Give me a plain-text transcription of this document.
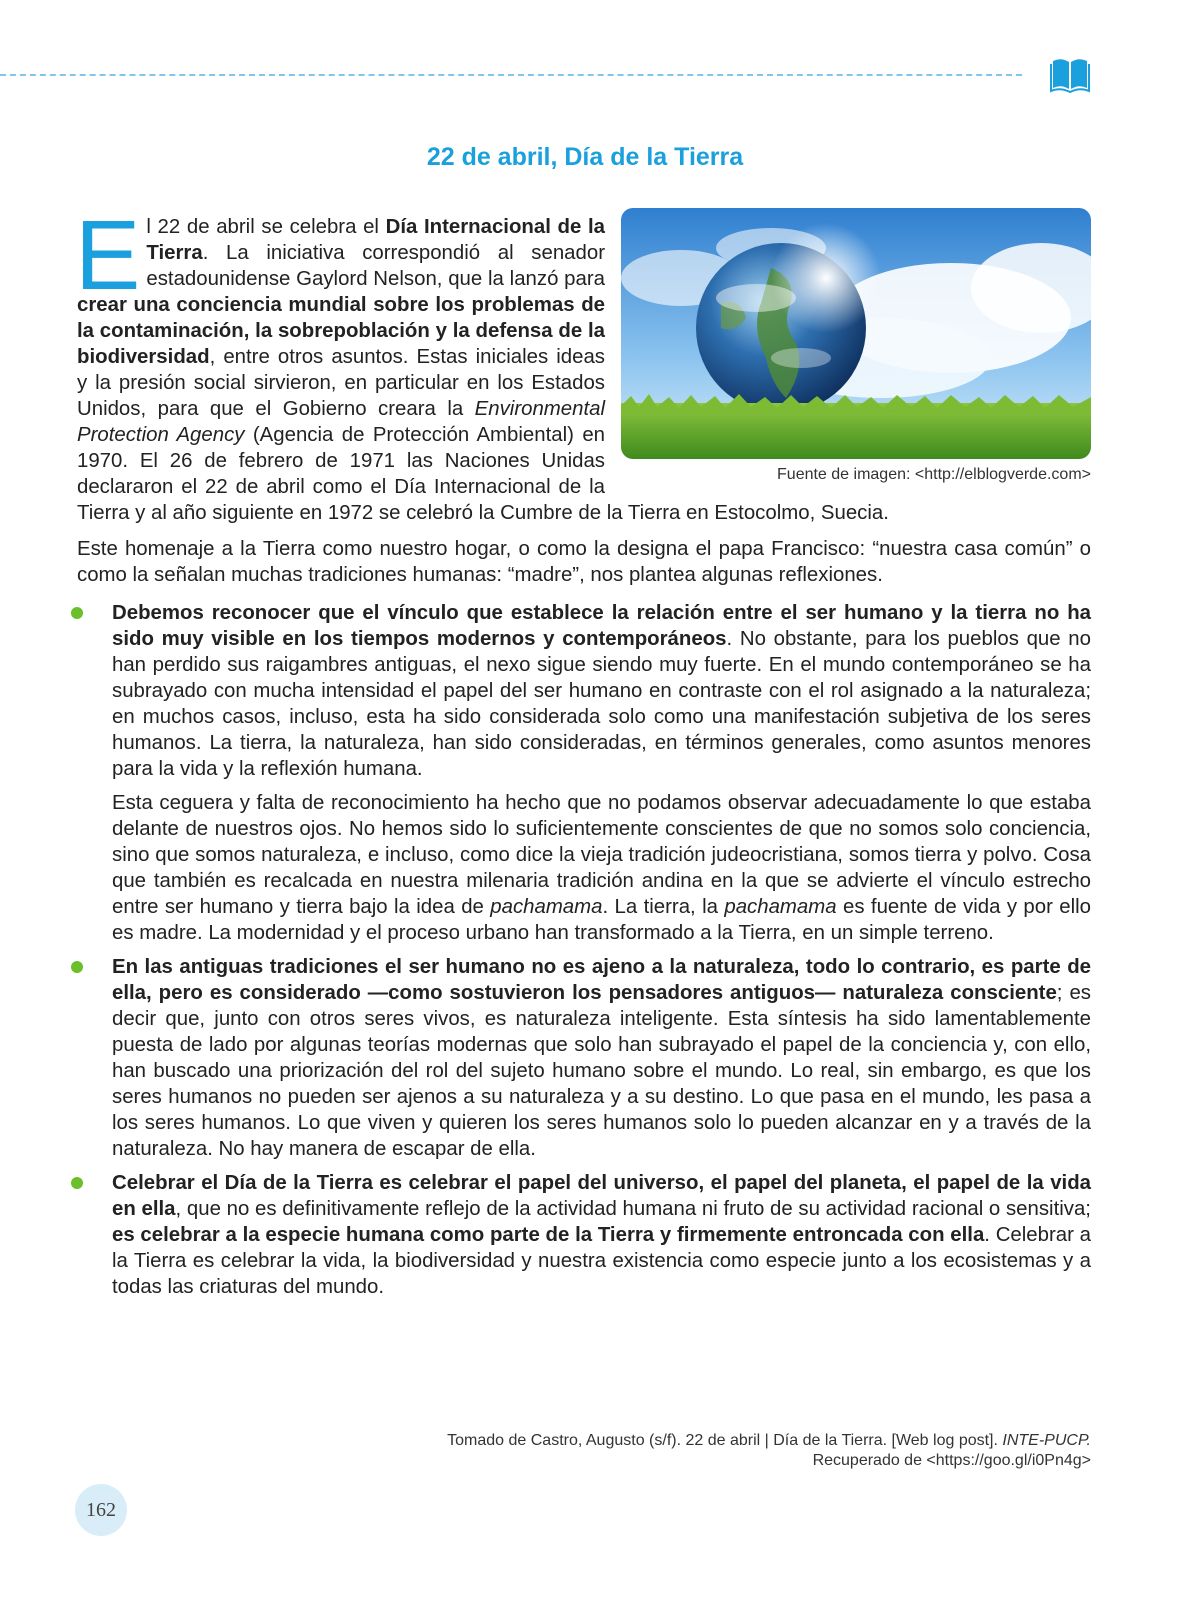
22 de abril, Día de la Tierra
Fuente de imagen: <http://elblogverde.com>

El 22 de abril se celebra el Día Internacional de la Tierra. La iniciativa correspondió al senador estadounidense Gaylord Nelson, que la lanzó para crear una conciencia mundial sobre los problemas de la contaminación, la sobrepoblación y la defensa de la biodiversidad, entre otros asuntos. Estas iniciales ideas y la presión social sirvieron, en particular en los Estados Unidos, para que el Gobierno creara la Environmental Protection Agency (Agencia de Protección Ambiental) en 1970. El 26 de febrero de 1971 las Naciones Unidas declararon el 22 de abril como el Día Internacional de la Tierra y al año siguiente en 1972 se celebró la Cumbre de la Tierra en Estocolmo, Suecia.

Este homenaje a la Tierra como nuestro hogar, o como la designa el papa Francisco: “nuestra casa común” o como la señalan muchas tradiciones humanas: “madre”, nos plantea algunas reflexiones.

Debemos reconocer que el vínculo que establece la relación entre el ser humano y la tierra no ha sido muy visible en los tiempos modernos y contemporáneos. No obstante, para los pueblos que no han perdido sus raigambres antiguas, el nexo sigue siendo muy fuerte. En el mundo contemporáneo se ha subrayado con mucha intensidad el papel del ser humano en contraste con el rol asignado a la naturaleza; en muchos casos, incluso, esta ha sido considerada solo como una manifestación subjetiva de los seres humanos. La tierra, la naturaleza, han sido consideradas, en términos generales, como asuntos menores para la vida y la reflexión humana.

Esta ceguera y falta de reconocimiento ha hecho que no podamos observar adecuadamente lo que estaba delante de nuestros ojos. No hemos sido lo suficientemente conscientes de que no somos solo conciencia, sino que somos naturaleza, e incluso, como dice la vieja tradición judeocristiana, somos tierra y polvo. Cosa que también es recalcada en nuestra milenaria tradición andina en la que se advierte el vínculo estrecho entre ser humano y tierra bajo la idea de pachamama. La tierra, la pachamama es fuente de vida y por ello es madre. La modernidad y el proceso urbano han transformado a la Tierra, en un simple terreno.

En las antiguas tradiciones el ser humano no es ajeno a la naturaleza, todo lo contrario, es parte de ella, pero es considerado —como sostuvieron los pensadores antiguos— naturaleza consciente; es decir que, junto con otros seres vivos, es naturaleza inteligente. Esta síntesis ha sido lamentablemente puesta de lado por algunas teorías modernas que solo han subrayado el papel de la conciencia y, con ello, han buscado una priorización del rol del sujeto humano sobre el mundo. Lo real, sin embargo, es que los seres humanos no pueden ser ajenos a su naturaleza y a su destino. Lo que pasa en el mundo, les pasa a los seres humanos. Lo que viven y quieren los seres humanos solo lo pueden alcanzar en y a través de la naturaleza. No hay manera de escapar de ella.

Celebrar el Día de la Tierra es celebrar el papel del universo, el papel del planeta, el papel de la vida en ella, que no es definitivamente reflejo de la actividad humana ni fruto de su actividad racional o sensitiva; es celebrar a la especie humana como parte de la Tierra y firmemente entroncada con ella. Celebrar a la Tierra es celebrar la vida, la biodiversidad y nuestra existencia como especie junto a los ecosistemas y a todas las criaturas del mundo.

Tomado de Castro, Augusto (s/f). 22 de abril | Día de la Tierra. [Web log post]. INTE-PUCP.
Recuperado de <https://goo.gl/i0Pn4g>
162
